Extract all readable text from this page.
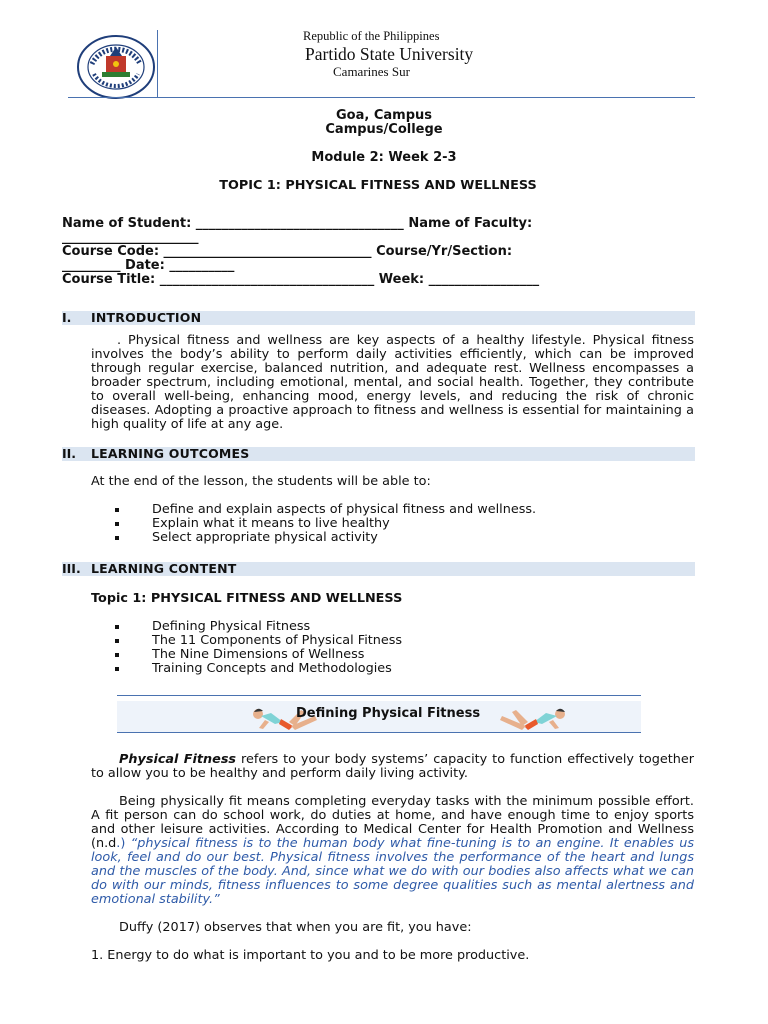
Republic of the Philippines
Partido State University
Camarines Sur
Goa, Campus
Campus/College
Module 2: Week 2-3
TOPIC 1: PHYSICAL FITNESS AND WELLNESS
Name of Student: ________________________________ Name of Faculty:
_____________________
Course Code: ________________________________ Course/Yr/Section:
_________ Date: __________
Course Title: _________________________________ Week: _________________
I. INTRODUCTION
. Physical fitness and wellness are key aspects of a healthy lifestyle. Physical fitness involves the body’s ability to perform daily activities efficiently, which can be improved through regular exercise, balanced nutrition, and adequate rest. Wellness encompasses a broader spectrum, including emotional, mental, and social health. Together, they contribute to overall well-being, enhancing mood, energy levels, and reducing the risk of chronic diseases. Adopting a proactive approach to fitness and wellness is essential for maintaining a high quality of life at any age.
II. LEARNING OUTCOMES
At the end of the lesson, the students will be able to:
Define and explain aspects of physical fitness and wellness.
Explain what it means to live healthy
Select appropriate physical activity
III. LEARNING CONTENT
Topic 1: PHYSICAL FITNESS AND WELLNESS
Defining Physical Fitness
The 11 Components of Physical Fitness
The Nine Dimensions of Wellness
Training Concepts and Methodologies
Defining Physical Fitness
Physical Fitness refers to your body systems’ capacity to function effectively together to allow you to be healthy and perform daily living activity.
Being physically fit means completing everyday tasks with the minimum possible effort. A fit person can do school work, do duties at home, and have enough time to enjoy sports and other leisure activities. According to Medical Center for Health Promotion and Wellness (n.d.) “physical fitness is to the human body what fine-tuning is to an engine. It enables us look, feel and do our best. Physical fitness involves the performance of the heart and lungs and the muscles of the body. And, since what we do with our bodies also affects what we can do with our minds, fitness influences to some degree qualities such as mental alertness and emotional stability.”
Duffy (2017) observes that when you are fit, you have:
1. Energy to do what is important to you and to be more productive.
